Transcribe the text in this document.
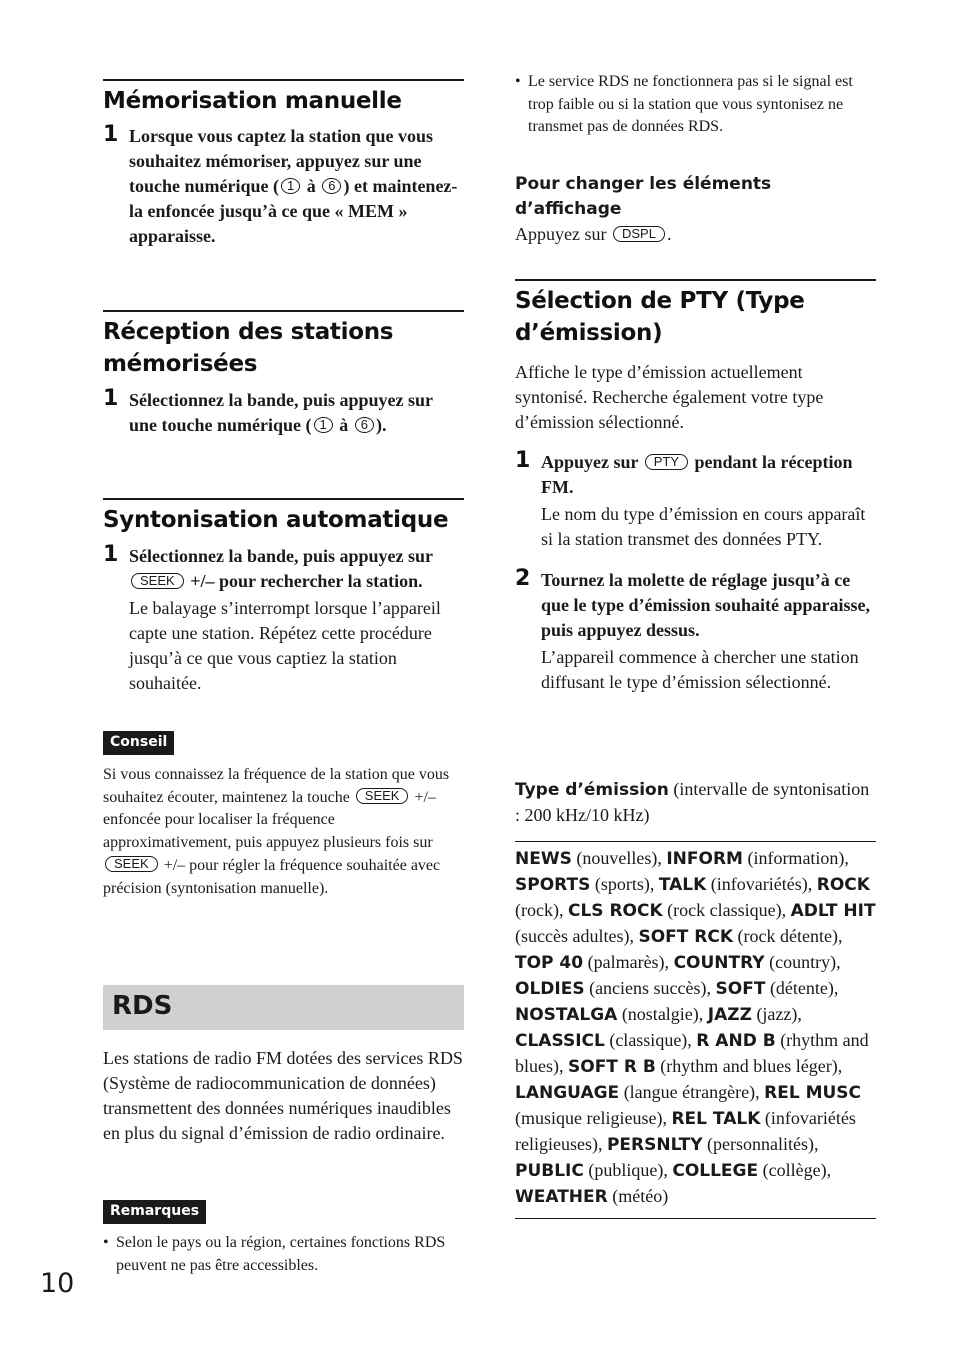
Mémorisation manuelle
1 Lorsque vous captez la station que vous souhaitez mémoriser, appuyez sur une touche numérique ( 1 à 6 ) et maintenez-la enfoncée jusqu’à ce que « MEM » apparaisse.
Réception des stations mémorisées
1 Sélectionnez la bande, puis appuyez sur une touche numérique ( 1 à 6 ).
Syntonisation automatique
1 Sélectionnez la bande, puis appuyez sur SEEK +/– pour rechercher la station.
Le balayage s’interrompt lorsque l’appareil capte une station. Répétez cette procédure jusqu’à ce que vous captiez la station souhaitée.
Conseil
Si vous connaissez la fréquence de la station que vous souhaitez écouter, maintenez la touche SEEK +/– enfoncée pour localiser la fréquence approximativement, puis appuyez plusieurs fois sur SEEK +/– pour régler la fréquence souhaitée avec précision (syntonisation manuelle).
RDS
Les stations de radio FM dotées des services RDS (Système de radiocommunication de données) transmettent des données numériques inaudibles en plus du signal d’émission de radio ordinaire.
Remarques
• Selon le pays ou la région, certaines fonctions RDS peuvent ne pas être accessibles.
• Le service RDS ne fonctionnera pas si le signal est trop faible ou si la station que vous syntonisez ne transmet pas de données RDS.
Pour changer les éléments d’affichage
Appuyez sur DSPL .
Sélection de PTY (Type d’émission)
Affiche le type d’émission actuellement syntonisé. Recherche également votre type d’émission sélectionné.
1 Appuyez sur PTY pendant la réception FM.
Le nom du type d’émission en cours apparaît si la station transmet des données PTY.
2 Tournez la molette de réglage jusqu’à ce que le type d’émission souhaité apparaisse, puis appuyez dessus.
L’appareil commence à chercher une station diffusant le type d’émission sélectionné.
Type d’émission (intervalle de syntonisation : 200 kHz/10 kHz)
NEWS (nouvelles), INFORM (information), SPORTS (sports), TALK (infovariétés), ROCK (rock), CLS ROCK (rock classique), ADLT HIT (succès adultes), SOFT RCK (rock détente), TOP 40 (palmarès), COUNTRY (country), OLDIES (anciens succès), SOFT (détente), NOSTALGA (nostalgie), JAZZ (jazz), CLASSICL (classique), R AND B (rhythm and blues), SOFT R B (rhythm and blues léger), LANGUAGE (langue étrangère), REL MUSC (musique religieuse), REL TALK (infovariétés religieuses), PERSNLTY (personnalités), PUBLIC (publique), COLLEGE (collège), WEATHER (météo)
10
